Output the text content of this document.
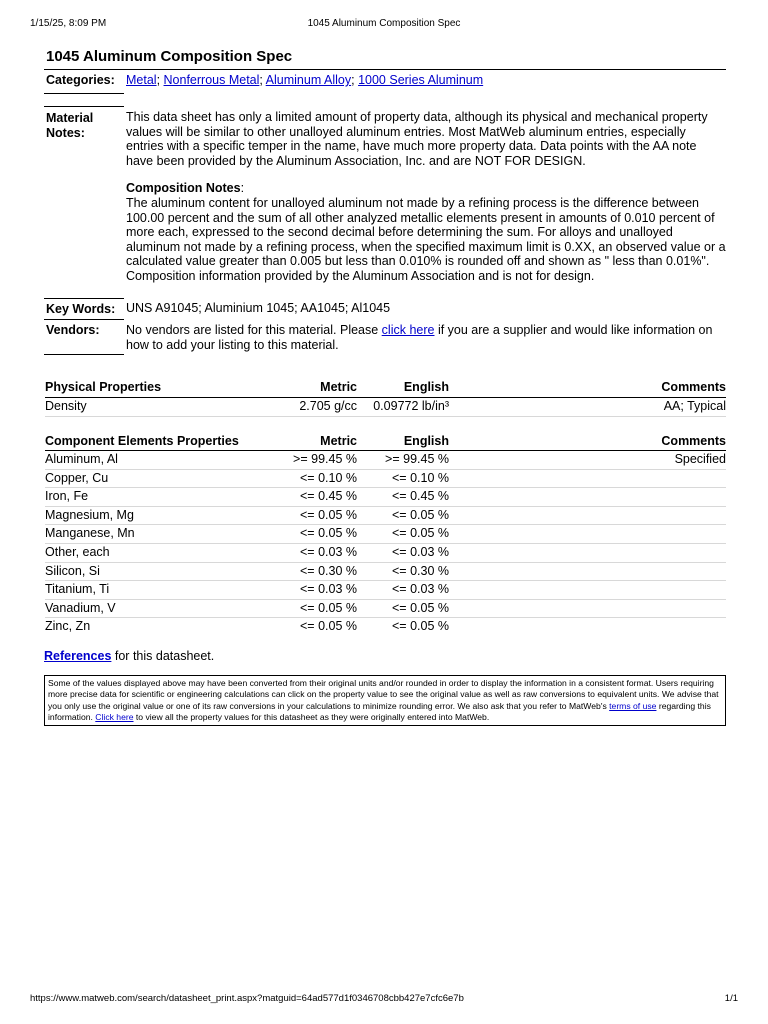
1/15/25, 8:09 PM	1045 Aluminum Composition Spec
1045 Aluminum Composition Spec
Categories: Metal; Nonferrous Metal; Aluminum Alloy; 1000 Series Aluminum
Material
Notes:
This data sheet has only a limited amount of property data, although its physical and mechanical property values will be similar to other unalloyed aluminum entries. Most MatWeb aluminum entries, especially entries with a specific temper in the name, have much more property data. Data points with the AA note have been provided by the Aluminum Association, Inc. and are NOT FOR DESIGN.
Composition Notes:
The aluminum content for unalloyed aluminum not made by a refining process is the difference between 100.00 percent and the sum of all other analyzed metallic elements present in amounts of 0.010 percent of more each, expressed to the second decimal before determining the sum. For alloys and unalloyed aluminum not made by a refining process, when the specified maximum limit is 0.XX, an observed value or a calculated value greater than 0.005 but less than 0.010% is rounded off and shown as " less than 0.01%". Composition information provided by the Aluminum Association and is not for design.
Key Words: UNS A91045; Aluminium 1045; AA1045; Al1045
Vendors:	No vendors are listed for this material. Please click here if you are a supplier and would like information on how to add your listing to this material.
Physical Properties	Metric	English	Comments
Density	2.705 g/cc	0.09772 lb/in³	AA; Typical
Component Elements Properties	Metric	English	Comments
Aluminum, Al	>= 99.45 %	>= 99.45 %	Specified
Copper, Cu	<= 0.10 %	<= 0.10 %	
Iron, Fe	<= 0.45 %	<= 0.45 %	
Magnesium, Mg	<= 0.05 %	<= 0.05 %	
Manganese, Mn	<= 0.05 %	<= 0.05 %	
Other, each	<= 0.03 %	<= 0.03 %	
Silicon, Si	<= 0.30 %	<= 0.30 %	
Titanium, Ti	<= 0.03 %	<= 0.03 %	
Vanadium, V	<= 0.05 %	<= 0.05 %	
Zinc, Zn	<= 0.05 %	<= 0.05 %	
References for this datasheet.
Some of the values displayed above may have been converted from their original units and/or rounded in order to display the information in a consistent format. Users requiring more precise data for scientific or engineering calculations can click on the property value to see the original value as well as raw conversions to equivalent units. We advise that you only use the original value or one of its raw conversions in your calculations to minimize rounding error. We also ask that you refer to MatWeb's terms of use regarding this information. Click here to view all the property values for this datasheet as they were originally entered into MatWeb.
https://www.matweb.com/search/datasheet_print.aspx?matguid=64ad577d1f0346708cbb427e7cfc6e7b	1/1
